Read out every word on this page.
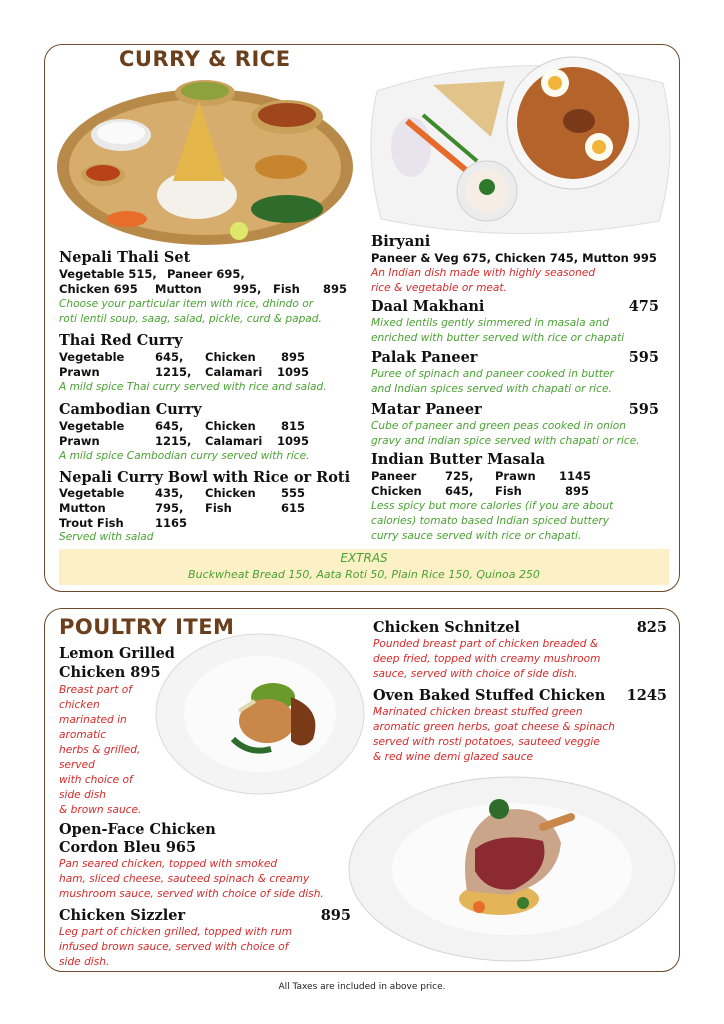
CURRY & RICE
Nepali Thali Set
Vegetable 515, Paneer 695,
Chicken 695 Mutton	995, Fish 895
Choose your particular item with rice, dhindo or
roti lentil soup, saag, salad, pickle, curd & papad.
Thai Red Curry
Vegetable	645, Chicken 895
Prawn	1215, Calamari 1095
A mild spice Thai curry served with rice and salad.
Cambodian Curry
Vegetable	645, Chicken 815
Prawn	1215, Calamari 1095
A mild spice Cambodian curry served with rice.
Nepali Curry Bowl with Rice or Roti
Vegetable	435, Chicken 555
Mutton	795, Fish	615
Trout Fish	1165
Served with salad
Biryani
Paneer & Veg 675, Chicken 745, Mutton 995
An Indian dish made with highly seasoned
rice & vegetable or meat.
Daal Makhani	475
Mixed lentils gently simmered in masala and
enriched with butter served with rice or chapati
Palak Paneer	595
Puree of spinach and paneer cooked in butter
and Indian spices served with chapati or rice.
Matar Paneer	595
Cube of paneer and green peas cooked in onion
gravy and indian spice served with chapati or rice.
Indian Butter Masala
Paneer 725, Prawn 1145
Chicken 645, Fish	895
Less spicy but more calories (if you are about
calories) tomato based Indian spiced buttery
curry sauce served with rice or chapati.
EXTRAS
Buckwheat Bread 150, Aata Roti 50, Plain Rice 150, Quinoa 250
POULTRY ITEM
Lemon Grilled
Chicken 895
Breast part of
chicken
marinated in
aromatic
herbs & grilled,
served
with choice of
side dish
& brown sauce.
Open-Face Chicken
Cordon Bleu 965
Pan seared chicken, topped with smoked
ham, sliced cheese, sauteed spinach & creamy
mushroom sauce, served with choice of side dish.
Chicken Sizzler	895
Leg part of chicken grilled, topped with rum
infused brown sauce, served with choice of
side dish.
Chicken Schnitzel	825
Pounded breast part of chicken breaded &
deep fried, topped with creamy mushroom
sauce, served with choice of side dish.
Oven Baked Stuffed Chicken	1245
Marinated chicken breast stuffed green
aromatic green herbs, goat cheese & spinach
served with rosti potatoes, sauteed veggie
& red wine demi glazed sauce
All Taxes are included in above price.
